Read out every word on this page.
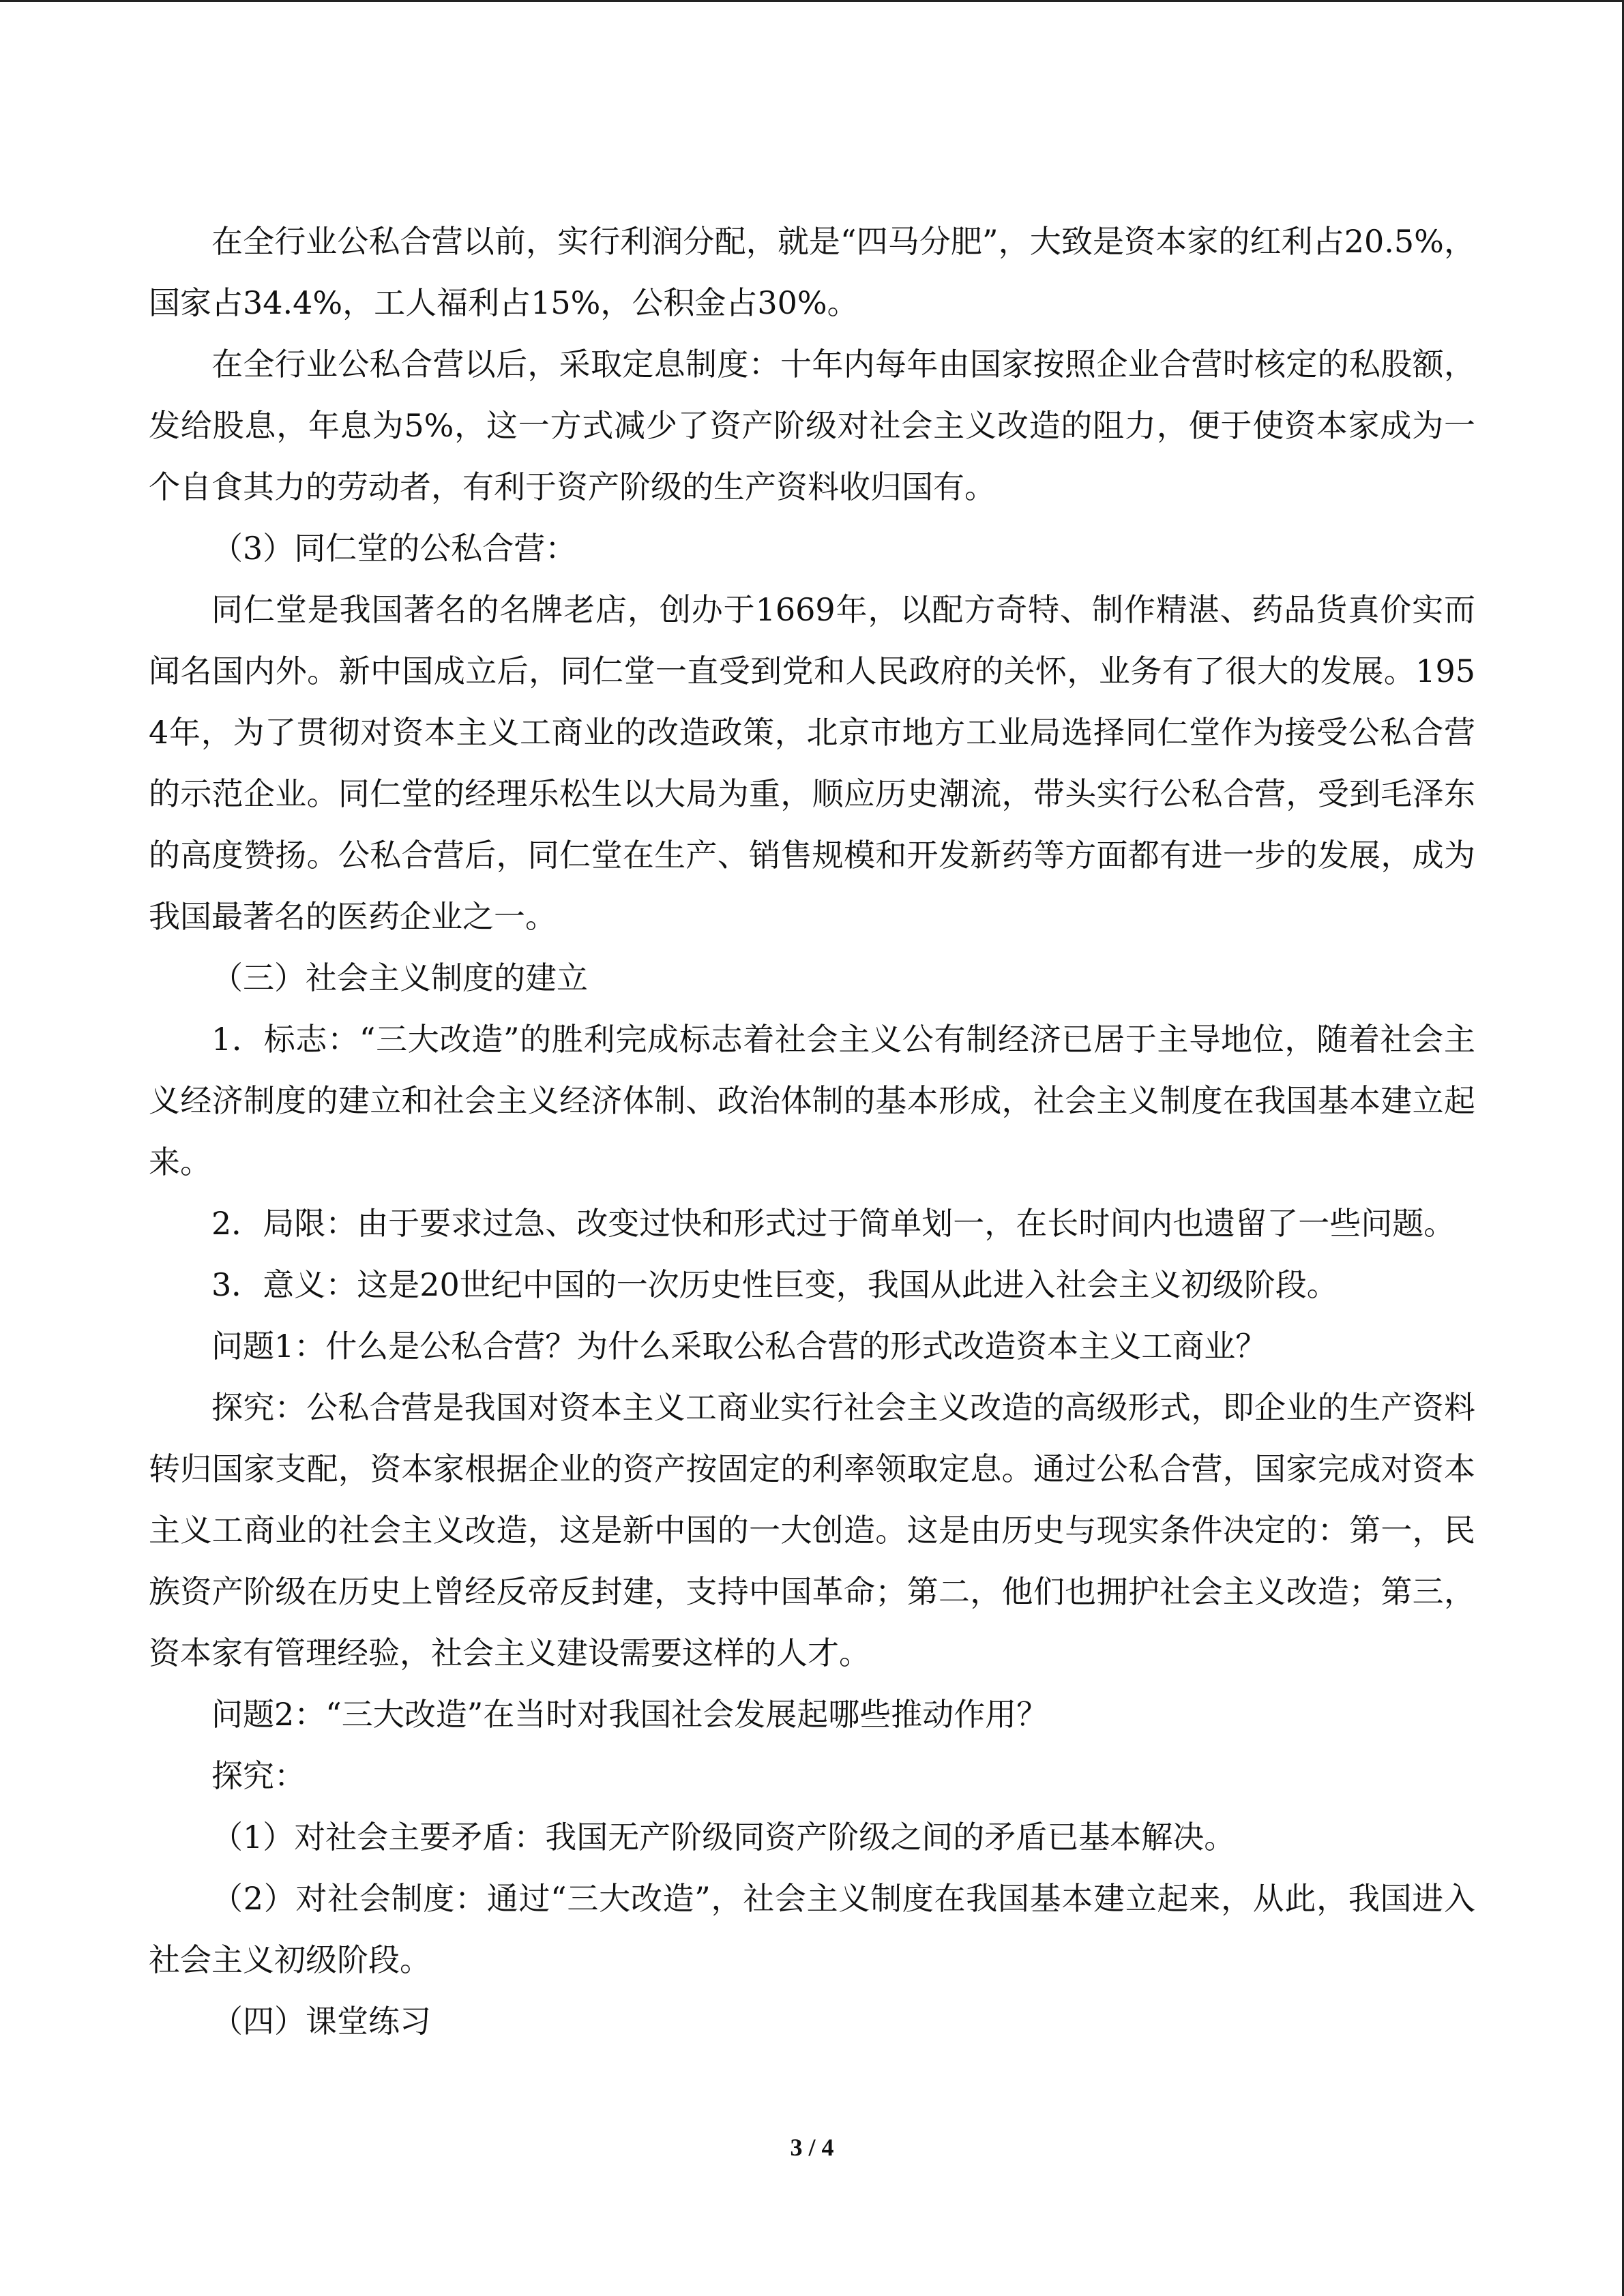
在全行业公私合营以前，实行利润分配，就是“四马分肥”，大致是资本家的红利占20.5%，国家占34.4%，工人福利占15%，公积金占30%。

在全行业公私合营以后，采取定息制度：十年内每年由国家按照企业合营时核定的私股额，发给股息，年息为5%，这一方式减少了资产阶级对社会主义改造的阻力，便于使资本家成为一个自食其力的劳动者，有利于资产阶级的生产资料收归国有。

（3）同仁堂的公私合营：

同仁堂是我国著名的名牌老店，创办于1669年，以配方奇特、制作精湛、药品货真价实而闻名国内外。新中国成立后，同仁堂一直受到党和人民政府的关怀，业务有了很大的发展。1954年，为了贯彻对资本主义工商业的改造政策，北京市地方工业局选择同仁堂作为接受公私合营的示范企业。同仁堂的经理乐松生以大局为重，顺应历史潮流，带头实行公私合营，受到毛泽东的高度赞扬。公私合营后，同仁堂在生产、销售规模和开发新药等方面都有进一步的发展，成为我国最著名的医药企业之一。

（三）社会主义制度的建立

1．标志：“三大改造”的胜利完成标志着社会主义公有制经济已居于主导地位，随着社会主义经济制度的建立和社会主义经济体制、政治体制的基本形成，社会主义制度在我国基本建立起来。

2．局限：由于要求过急、改变过快和形式过于简单划一，在长时间内也遗留了一些问题。

3．意义：这是20世纪中国的一次历史性巨变，我国从此进入社会主义初级阶段。

问题1：什么是公私合营？为什么采取公私合营的形式改造资本主义工商业？

探究：公私合营是我国对资本主义工商业实行社会主义改造的高级形式，即企业的生产资料转归国家支配，资本家根据企业的资产按固定的利率领取定息。通过公私合营，国家完成对资本主义工商业的社会主义改造，这是新中国的一大创造。这是由历史与现实条件决定的：第一，民族资产阶级在历史上曾经反帝反封建，支持中国革命；第二，他们也拥护社会主义改造；第三，资本家有管理经验，社会主义建设需要这样的人才。

问题2：“三大改造”在当时对我国社会发展起哪些推动作用？

探究：

（1）对社会主要矛盾：我国无产阶级同资产阶级之间的矛盾已基本解决。

（2）对社会制度：通过“三大改造”，社会主义制度在我国基本建立起来，从此，我国进入社会主义初级阶段。

（四）课堂练习

3 / 4
